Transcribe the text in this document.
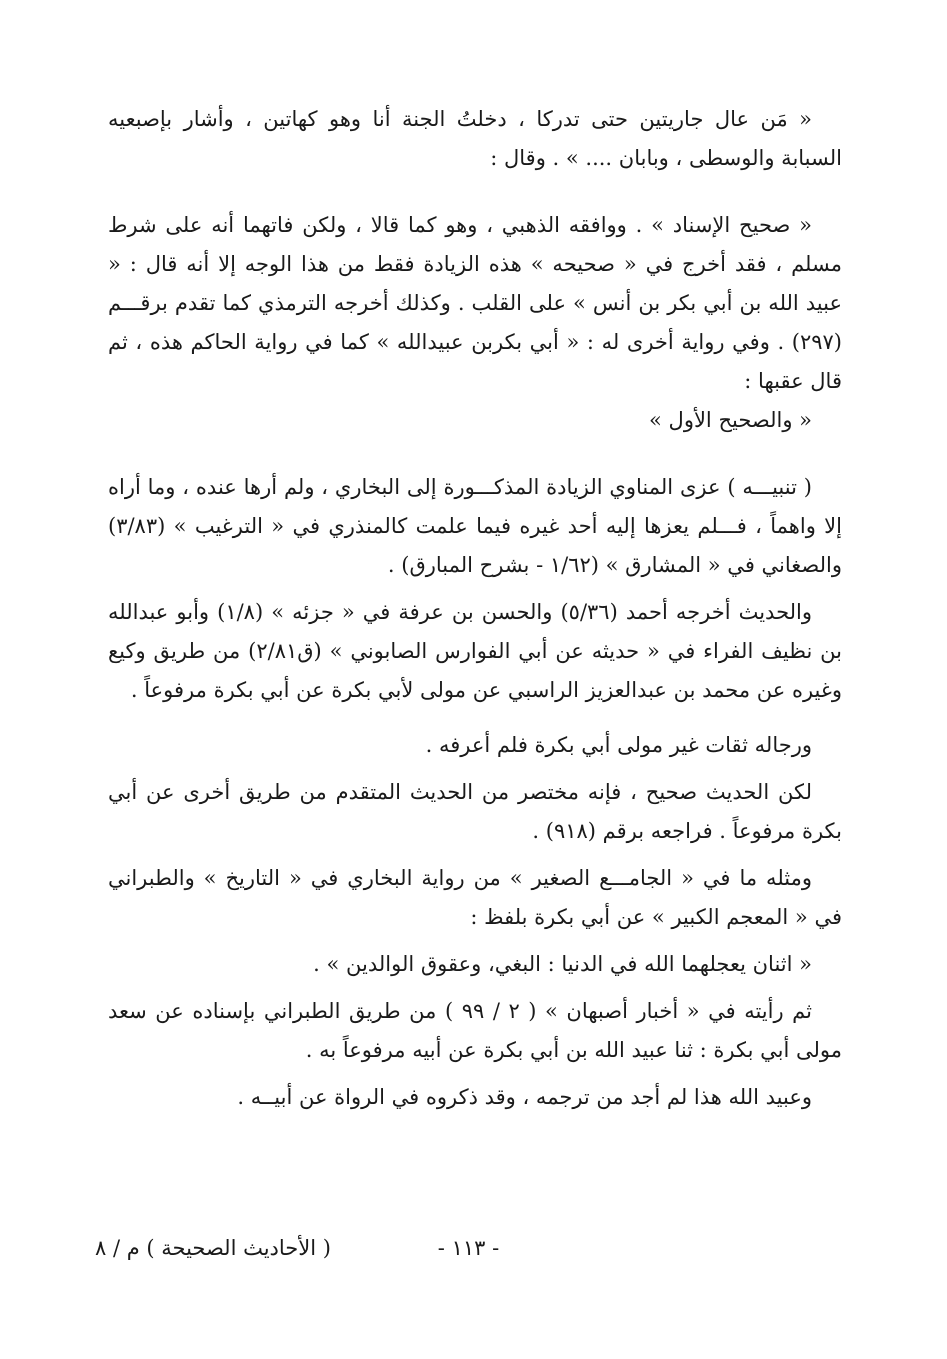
« مَن عال جاريتين حتى تدركا ، دخلتُ الجنة أنا وهو كهاتين ، وأشار بإصبعيه السبابة والوسطى ، وبابان .... » . وقال :

« صحيح الإسناد » . ووافقه الذهبي ، وهو كما قالا ، ولكن فاتهما أنه على شرط مسلم ، فقد أخرج في « صحيحه » هذه الزيادة فقط من هذا الوجه إلا أنه قال : « عبيد الله بن أبي بكر بن أنس » على القلب . وكذلك أخرجه الترمذي كما تقدم برقـــم (٢٩٧) . وفي رواية أخرى له : « أبي بكربن عبيدالله » كما في رواية الحاكم هذه ، ثم قال عقبها :

« والصحيح الأول »

( تنبيـــه ) عزى المناوي الزيادة المذكـــورة إلى البخاري ، ولم أرها عنده ، وما أراه إلا واهماً ، فـــلم يعزها إليه أحد غيره فيما علمت كالمنذري في « الترغيب » (٣/٨٣) والصغاني في « المشارق » (١/٦٢ - بشرح المبارق) .

والحديث أخرجه أحمد (٥/٣٦) والحسن بن عرفة في « جزئه » (١/٨) وأبو عبدالله بن نظيف الفراء في « حديثه عن أبي الفوارس الصابوني » (ق٢/٨١) من طريق وكيع وغيره عن محمد بن عبدالعزيز الراسبي عن مولى لأبي بكرة عن أبي بكرة مرفوعاً .

ورجاله ثقات غير مولى أبي بكرة فلم أعرفه .

لكن الحديث صحيح ، فإنه مختصر من الحديث المتقدم من طريق أخرى عن أبي بكرة مرفوعاً . فراجعه برقم (٩١٨) .

ومثله ما في « الجامـــع الصغير » من رواية البخاري في « التاريخ » والطبراني في « المعجم الكبير » عن أبي بكرة بلفظ :

« اثنان يعجلهما الله في الدنيا : البغي، وعقوق الوالدين » .

ثم رأيته في « أخبار أصبهان » ( ٢ / ٩٩ ) من طريق الطبراني بإسناده عن سعد مولى أبي بكرة : ثنا عبيد الله بن أبي بكرة عن أبيه مرفوعاً به .

وعبيد الله هذا لم أجد من ترجمه ، وقد ذكروه في الرواة عن أبيــه .

- ١١٣ -
( الأحاديث الصحيحة ) م / ٨
